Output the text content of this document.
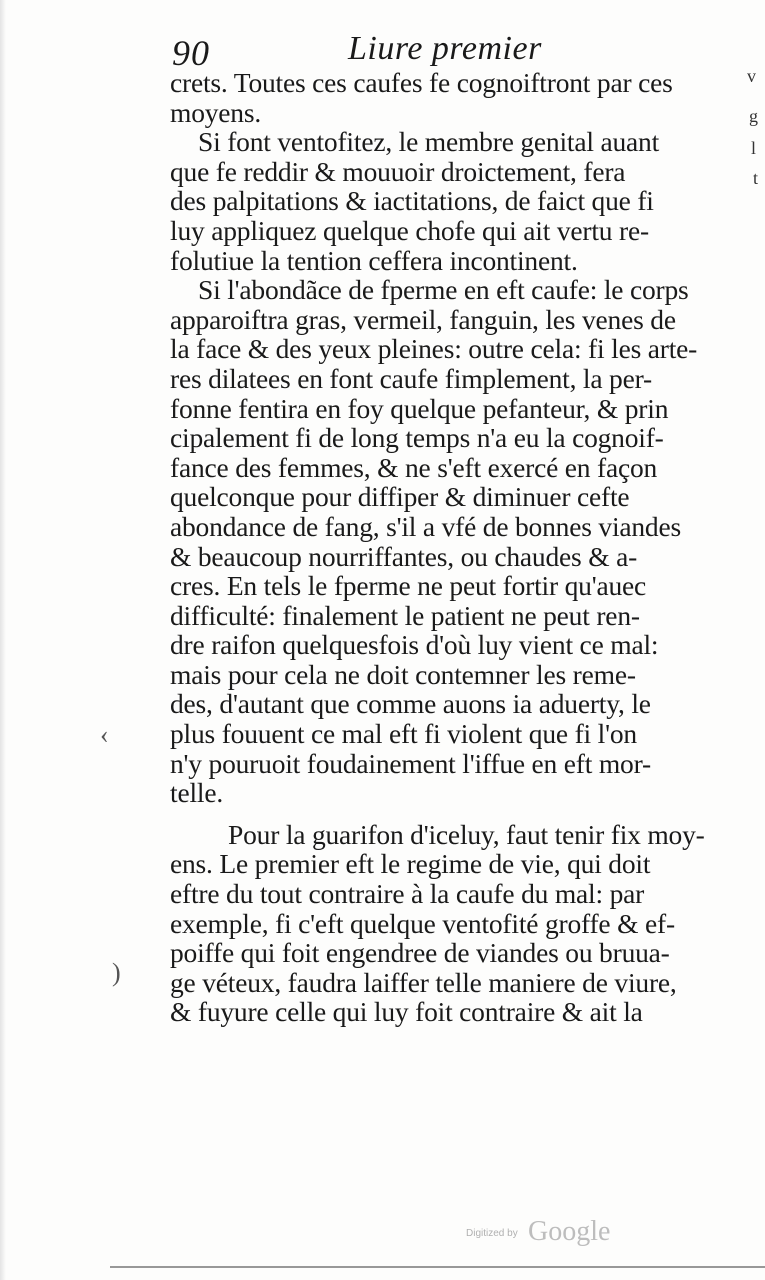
v
g
l
t
90	Liure premier
crets. Toutes ces caufes fe cognoiftront par ces
moyens.
Si font ventofitez, le membre genital auant
que fe reddir & mouuoir droictement, fera
des palpitations & iactitations, de faict que fi
luy appliquez quelque chofe qui ait vertu re-
folutiue la tention ceffera incontinent.
Si l'abondãce de fperme en eft caufe: le corps
apparoiftra gras, vermeil, fanguin, les venes de
la face & des yeux pleines: outre cela: fi les arte-
res dilatees en font caufe fimplement, la per-
fonne fentira en foy quelque pefanteur, & prin
cipalement fi de long temps n'a eu la cognoif-
fance des femmes, & ne s'eft exercé en façon
quelconque pour diffiper & diminuer cefte
abondance de fang, s'il a vfé de bonnes viandes
& beaucoup nourriffantes, ou chaudes & a-
cres. En tels le fperme ne peut fortir qu'auec
difficulté: finalement le patient ne peut ren-
dre raifon quelquesfois d'où luy vient ce mal:
mais pour cela ne doit contemner les reme-
des, d'autant que comme auons ia aduerty, le
plus fouuent ce mal eft fi violent que fi l'on
n'y pouruoit foudainement l'iffue en eft mor-
telle.
Pour la guarifon d'iceluy, faut tenir fix moy-
ens. Le premier eft le regime de vie, qui doit
eftre du tout contraire à la caufe du mal: par
exemple, fi c'eft quelque ventofité groffe & ef-
poiffe qui foit engendree de viandes ou bruua-
ge véteux, faudra laiffer telle maniere de viure,
& fuyure celle qui luy foit contraire & ait la
‹
)
Digitized by Google
